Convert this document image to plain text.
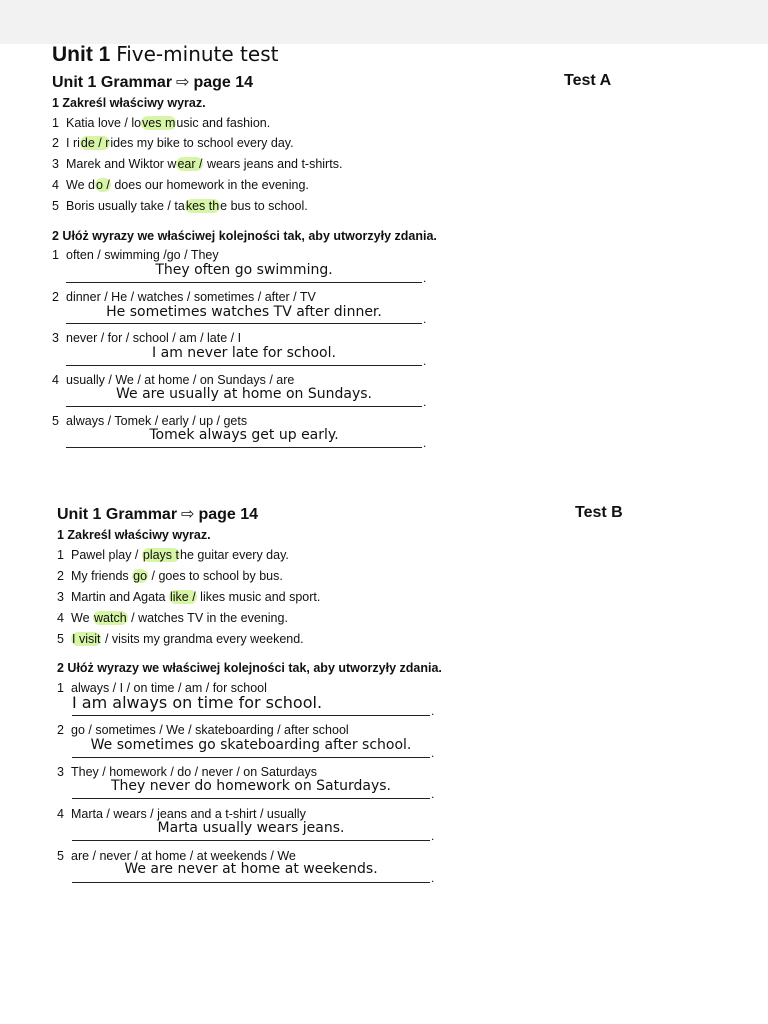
Unit 1 Five-minute test
Unit 1 Grammar ⇨ page 14	Test A
1 Zakreśl właściwy wyraz.
1 Katia love / loves music and fashion.
2 I ride / rides my bike to school every day.
3 Marek and Wiktor wear / wears jeans and t-shirts.
4 We do / does our homework in the evening.
5 Boris usually take / takes the bus to school.
2 Ułóż wyrazy we właściwej kolejności tak, aby utworzyły zdania.
1 often / swimming /go / They
They often go swimming.	.
2 dinner / He / watches / sometimes / after / TV
He sometimes watches TV after dinner.	.
3 never / for / school / am / late / I
I am never late for school.	.
4 usually / We / at home / on Sundays / are
We are usually at home on Sundays.	.
5 always / Tomek / early / up / gets
Tomek always get up early.	.
Unit 1 Grammar ⇨ page 14	Test B
1 Zakreśl właściwy wyraz.
1 Pawel play / plays the guitar every day.
2 My friends go / goes to school by bus.
3 Martin and Agata like / likes music and sport.
4 We watch / watches TV in the evening.
5 I visit / visits my grandma every weekend.
2 Ułóż wyrazy we właściwej kolejności tak, aby utworzyły zdania.
1 always / I / on time / am / for school
I am always on time for school.	.
2 go / sometimes / We / skateboarding / after school
We sometimes go skateboarding after school.	.
3 They / homework / do / never / on Saturdays
They never do homework on Saturdays.	.
4 Marta / wears / jeans and a t-shirt / usually
Marta usually wears jeans.	.
5 are / never / at home / at weekends / We
We are never at home at weekends.
.
